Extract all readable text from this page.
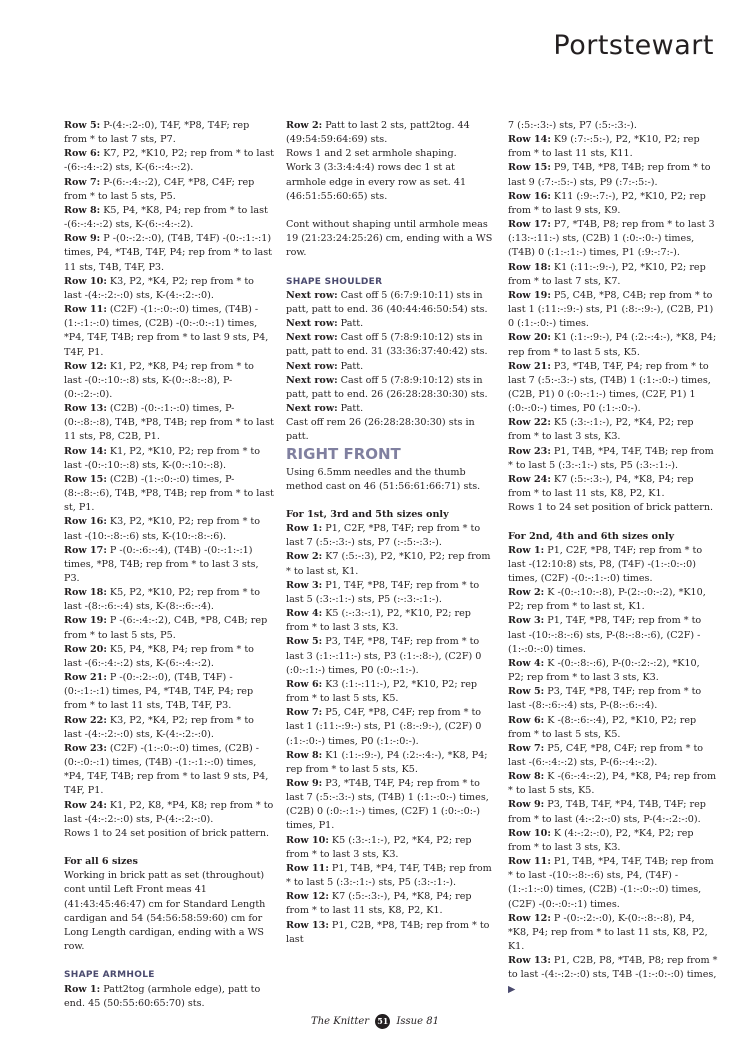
Portstewart

Row 5: P-(4:-:2-:0), T4F, *P8, T4F; rep from * to last 7 sts, P7.

Row 6: K7, P2, *K10, P2; rep from * to last -(6:-:4:-:2) sts, K-(6:-:4:-:2).

Row 7: P-(6:-:4:-:2), C4F, *P8, C4F; rep from * to last 5 sts, P5.

Row 8: K5, P4, *K8, P4; rep from * to last -(6:-:4:-:2) sts, K-(6:-:4:-:2).

Row 9: P -(0:-:2:-:0), (T4B, T4F) -(0:-:1:-:1) times, P4, *T4B, T4F, P4; rep from * to last 11 sts, T4B, T4F, P3.

Row 10: K3, P2, *K4, P2; rep from * to last -(4:-:2:-:0) sts, K-(4:-:2:-:0).

Row 11: (C2F) -(1:-:0:-:0) times, (T4B) -(1:-:1:-:0) times, (C2B) -(0:-:0:-:1) times, *P4, T4F, T4B; rep from * to last 9 sts, P4, T4F, P1.

Row 12: K1, P2, *K8, P4; rep from * to last -(0:-:10:-:8) sts, K-(0:-:8:-:8), P-(0:-:2:-:0).

Row 13: (C2B) -(0:-:1:-:0) times, P-(0:-:8:-:8), T4B, *P8, T4B; rep from * to last 11 sts, P8, C2B, P1.

Row 14: K1, P2, *K10, P2; rep from * to last -(0:-:10:-:8) sts, K-(0:-:10:-:8).

Row 15: (C2B) -(1:-:0:-:0) times, P-(8:-:8:-:6), T4B, *P8, T4B; rep from * to last st, P1.

Row 16: K3, P2, *K10, P2; rep from * to last -(10:-:8:-:6) sts, K-(10:-:8:-:6).

Row 17: P -(0:-:6:-:4), (T4B) -(0:-:1:-:1) times, *P8, T4B; rep from * to last 3 sts, P3.

Row 18: K5, P2, *K10, P2; rep from * to last -(8:-:6:-:4) sts, K-(8:-:6:-:4).

Row 19: P -(6:-:4:-:2), C4B, *P8, C4B; rep from * to last 5 sts, P5.

Row 20: K5, P4, *K8, P4; rep from * to last -(6:-:4:-:2) sts, K-(6:-:4:-:2).

Row 21: P -(0:-:2:-:0), (T4B, T4F) -(0:-:1:-:1) times, P4, *T4B, T4F, P4; rep from * to last 11 sts, T4B, T4F, P3.

Row 22: K3, P2, *K4, P2; rep from * to last -(4:-:2:-:0) sts, K-(4:-:2:-:0).

Row 23: (C2F) -(1:-:0:-:0) times, (C2B) -(0:-:0:-:1) times, (T4B) -(1:-:1:-:0) times, *P4, T4F, T4B; rep from * to last 9 sts, P4, T4F, P1.

Row 24: K1, P2, K8, *P4, K8; rep from * to last -(4:-:2:-:0) sts, P-(4:-:2:-:0).

Rows 1 to 24 set position of brick pattern.

For all 6 sizes

Working in brick patt as set (throughout) cont until Left Front meas 41 (41:43:45:46:47) cm for Standard Length cardigan and 54 (54:56:58:59:60) cm for Long Length cardigan, ending with a WS row.

SHAPE ARMHOLE

Row 1: Patt2tog (armhole edge), patt to end. 45 (50:55:60:65:70) sts.

Row 2: Patt to last 2 sts, patt2tog. 44 (49:54:59:64:69) sts.

Rows 1 and 2 set armhole shaping.

Work 3 (3:3:4:4:4) rows dec 1 st at armhole edge in every row as set. 41 (46:51:55:60:65) sts.

Cont without shaping until armhole meas 19 (21:23:24:25:26) cm, ending with a WS row.

SHAPE SHOULDER

Next row: Cast off 5 (6:7:9:10:11) sts in patt, patt to end. 36 (40:44:46:50:54) sts.

Next row: Patt.

Next row: Cast off 5 (7:8:9:10:12) sts in patt, patt to end. 31 (33:36:37:40:42) sts.

Next row: Patt.

Next row: Cast off 5 (7:8:9:10:12) sts in patt, patt to end. 26 (26:28:28:30:30) sts.

Next row: Patt.

Cast off rem 26 (26:28:28:30:30) sts in patt.

RIGHT FRONT

Using 6.5mm needles and the thumb method cast on 46 (51:56:61:66:71) sts.

For 1st, 3rd and 5th sizes only

Row 1: P1, C2F, *P8, T4F; rep from * to last 7 (:5:-:3:-) sts, P7 (:-:5:-:3:-).

Row 2: K7 (:5:-:3), P2, *K10, P2; rep from * to last st, K1.

Row 3: P1, T4F, *P8, T4F; rep from * to last 5 (:3:-:1:-) sts, P5 (:-:3:-:1:-).

Row 4: K5 (:-:3:-:1), P2, *K10, P2; rep from * to last 3 sts, K3.

Row 5: P3, T4F, *P8, T4F; rep from * to last 3 (:1:-:11:-) sts, P3 (:1:-:8:-), (C2F) 0 (:0:-:1:-) times, P0 (:0:-:1:-).

Row 6: K3 (:1:-:11:-), P2, *K10, P2; rep from * to last 5 sts, K5.

Row 7: P5, C4F, *P8, C4F; rep from * to last 1 (:11:-:9:-) sts, P1 (:8:-:9:-), (C2F) 0 (:1:-:0:-) times, P0 (:1:-:0:-).

Row 8: K1 (:1:-:9:-), P4 (:2:-:4:-), *K8, P4; rep from * to last 5 sts, K5.

Row 9: P3, *T4B, T4F, P4; rep from * to last 7 (:5:-:3:-) sts, (T4B) 1 (:1:-:0:-) times, (C2B) 0 (:0:-:1:-) times, (C2F) 1 (:0:-:0:-) times, P1.

Row 10: K5 (:3:-:1:-), P2, *K4, P2; rep from * to last 3 sts, K3.

Row 11: P1, T4B, *P4, T4F, T4B; rep from * to last 5 (:3:-:1:-) sts, P5 (:3:-:1:-).

Row 12: K7 (:5:-:3:-), P4, *K8, P4; rep from * to last 11 sts, K8, P2, K1.

Row 13: P1, C2B, *P8, T4B; rep from * to last

7 (:5:-:3:-) sts, P7 (:5:-:3:-).

Row 14: K9 (:7:-:5:-), P2, *K10, P2; rep from * to last 11 sts, K11.

Row 15: P9, T4B, *P8, T4B; rep from * to last 9 (:7:-:5:-) sts, P9 (:7:-:5:-).

Row 16: K11 (:9:-:7:-), P2, *K10, P2; rep from * to last 9 sts, K9.

Row 17: P7, *T4B, P8; rep from * to last 3 (:13:-:11:-) sts, (C2B) 1 (:0:-:0:-) times, (T4B) 0 (:1:-:1:-) times, P1 (:9:-:7:-).

Row 18: K1 (:11:-:9:-), P2, *K10, P2; rep from * to last 7 sts, K7.

Row 19: P5, C4B, *P8, C4B; rep from * to last 1 (:11:-:9:-) sts, P1 (:8:-:9:-), (C2B, P1) 0 (:1:-:0:-) times.

Row 20: K1 (:1:-:9:-), P4 (:2:-:4:-), *K8, P4; rep from * to last 5 sts, K5.

Row 21: P3, *T4B, T4F, P4; rep from * to last 7 (:5:-:3:-) sts, (T4B) 1 (:1:-:0:-) times, (C2B, P1) 0 (:0:-:1:-) times, (C2F, P1) 1 (:0:-:0:-) times, P0 (:1:-:0:-).

Row 22: K5 (:3:-:1:-), P2, *K4, P2; rep from * to last 3 sts, K3.

Row 23: P1, T4B, *P4, T4F, T4B; rep from * to last 5 (:3:-:1:-) sts, P5 (:3:-:1:-).

Row 24: K7 (:5:-:3:-), P4, *K8, P4; rep from * to last 11 sts, K8, P2, K1.

Rows 1 to 24 set position of brick pattern.

For 2nd, 4th and 6th sizes only

Row 1: P1, C2F, *P8, T4F; rep from * to last -(12:10:8) sts, P8, (T4F) -(1:-:0:-:0) times, (C2F) -(0:-:1:-:0) times.

Row 2: K -(0:-:10:-:8), P-(2:-:0:-:2), *K10, P2; rep from * to last st, K1.

Row 3: P1, T4F, *P8, T4F; rep from * to last -(10:-:8:-:6) sts, P-(8:-:8:-:6), (C2F) -(1:-:0:-:0) times.

Row 4: K -(0:-:8:-:6), P-(0:-:2:-:2), *K10, P2; rep from * to last 3 sts, K3.

Row 5: P3, T4F, *P8, T4F; rep from * to last -(8:-:6:-:4) sts, P-(8:-:6:-:4).

Row 6: K -(8:-:6:-:4), P2, *K10, P2; rep from * to last 5 sts, K5.

Row 7: P5, C4F, *P8, C4F; rep from * to last -(6:-:4:-:2) sts, P-(6:-:4:-:2).

Row 8: K -(6:-:4:-:2), P4, *K8, P4; rep from * to last 5 sts, K5.

Row 9: P3, T4B, T4F, *P4, T4B, T4F; rep from * to last (4:-:2:-:0) sts, P-(4:-:2:-:0).

Row 10: K (4:-:2:-:0), P2, *K4, P2; rep from * to last 3 sts, K3.

Row 11: P1, T4B, *P4, T4F, T4B; rep from * to last -(10:-:8:-:6) sts, P4, (T4F) -(1:-:1:-:0) times, (C2B) -(1:-:0:-:0) times, (C2F) -(0:-:0:-:1) times.

Row 12: P -(0:-:2:-:0), K-(0:-:8:-:8), P4, *K8, P4; rep from * to last 11 sts, K8, P2, K1.

Row 13: P1, C2B, P8, *T4B, P8; rep from * to last -(4:-:2:-:0) sts, T4B -(1:-:0:-:0) times, ▶

The Knitter 51 Issue 81
